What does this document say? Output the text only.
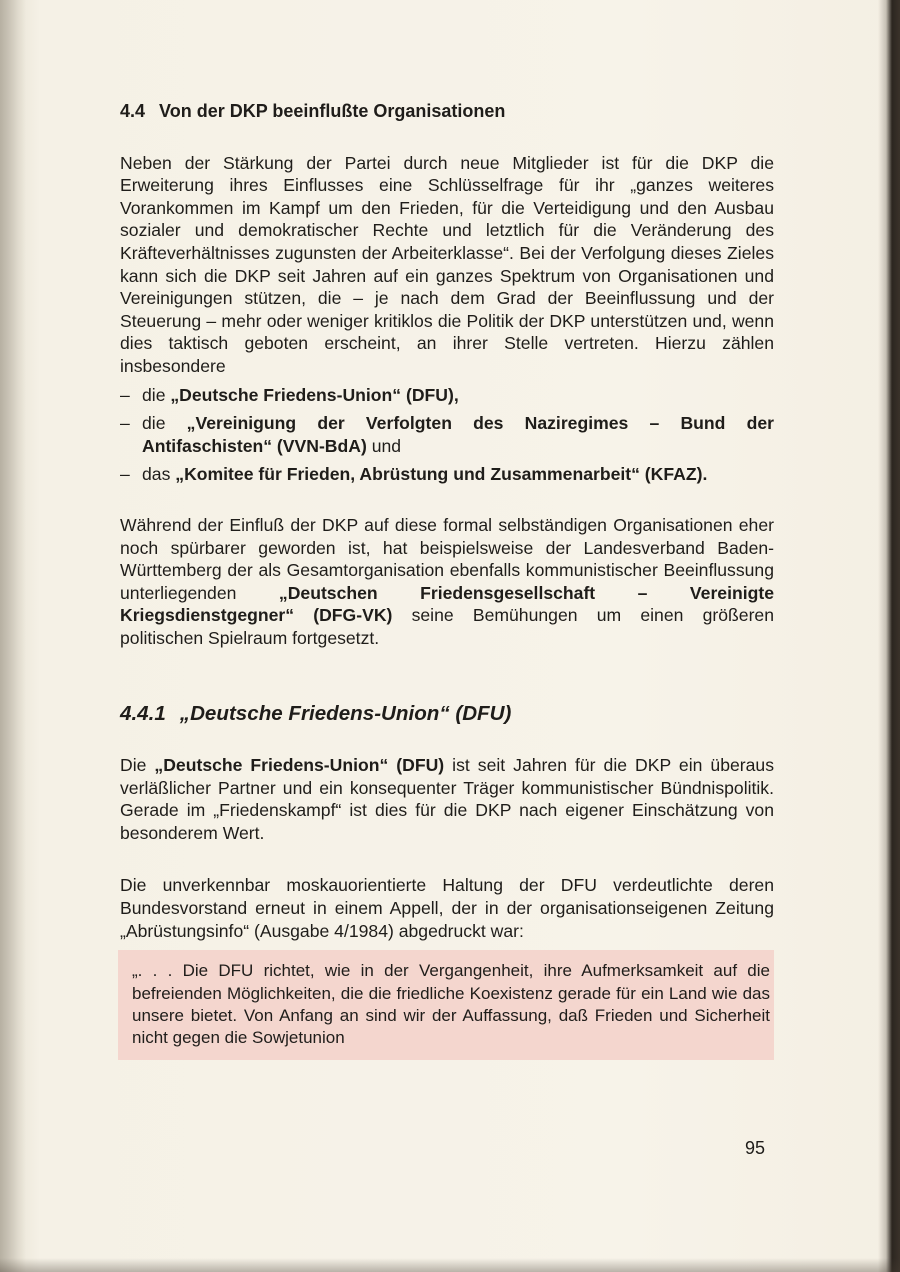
4.4 Von der DKP beeinflußte Organisationen

Neben der Stärkung der Partei durch neue Mitglieder ist für die DKP die Erweiterung ihres Einflusses eine Schlüsselfrage für ihr „ganzes weiteres Vorankommen im Kampf um den Frieden, für die Verteidigung und den Ausbau sozialer und demokratischer Rechte und letztlich für die Veränderung des Kräfteverhältnisses zugunsten der Arbeiterklasse“. Bei der Verfolgung dieses Zieles kann sich die DKP seit Jahren auf ein ganzes Spektrum von Organisationen und Vereinigungen stützen, die – je nach dem Grad der Beeinflussung und der Steuerung – mehr oder weniger kritiklos die Politik der DKP unterstützen und, wenn dies taktisch geboten erscheint, an ihrer Stelle vertreten. Hierzu zählen insbesondere

– die „Deutsche Friedens-Union“ (DFU),
– die „Vereinigung der Verfolgten des Naziregimes – Bund der Antifaschisten“ (VVN-BdA) und
– das „Komitee für Frieden, Abrüstung und Zusammenarbeit“ (KFAZ).

Während der Einfluß der DKP auf diese formal selbständigen Organisationen eher noch spürbarer geworden ist, hat beispielsweise der Landesverband Baden-Württemberg der als Gesamtorganisation ebenfalls kommunistischer Beeinflussung unterliegenden „Deutschen Friedensgesellschaft – Vereinigte Kriegsdienstgegner“ (DFG-VK) seine Bemühungen um einen größeren politischen Spielraum fortgesetzt.

4.4.1 „Deutsche Friedens-Union“ (DFU)

Die „Deutsche Friedens-Union“ (DFU) ist seit Jahren für die DKP ein überaus verläßlicher Partner und ein konsequenter Träger kommunistischer Bündnispolitik. Gerade im „Friedenskampf“ ist dies für die DKP nach eigener Einschätzung von besonderem Wert.

Die unverkennbar moskauorientierte Haltung der DFU verdeutlichte deren Bundesvorstand erneut in einem Appell, der in der organisationseigenen Zeitung „Abrüstungsinfo“ (Ausgabe 4/1984) abgedruckt war:

„. . . Die DFU richtet, wie in der Vergangenheit, ihre Aufmerksamkeit auf die befreienden Möglichkeiten, die die friedliche Koexistenz gerade für ein Land wie das unsere bietet. Von Anfang an sind wir der Auffassung, daß Frieden und Sicherheit nicht gegen die Sowjetunion
95
